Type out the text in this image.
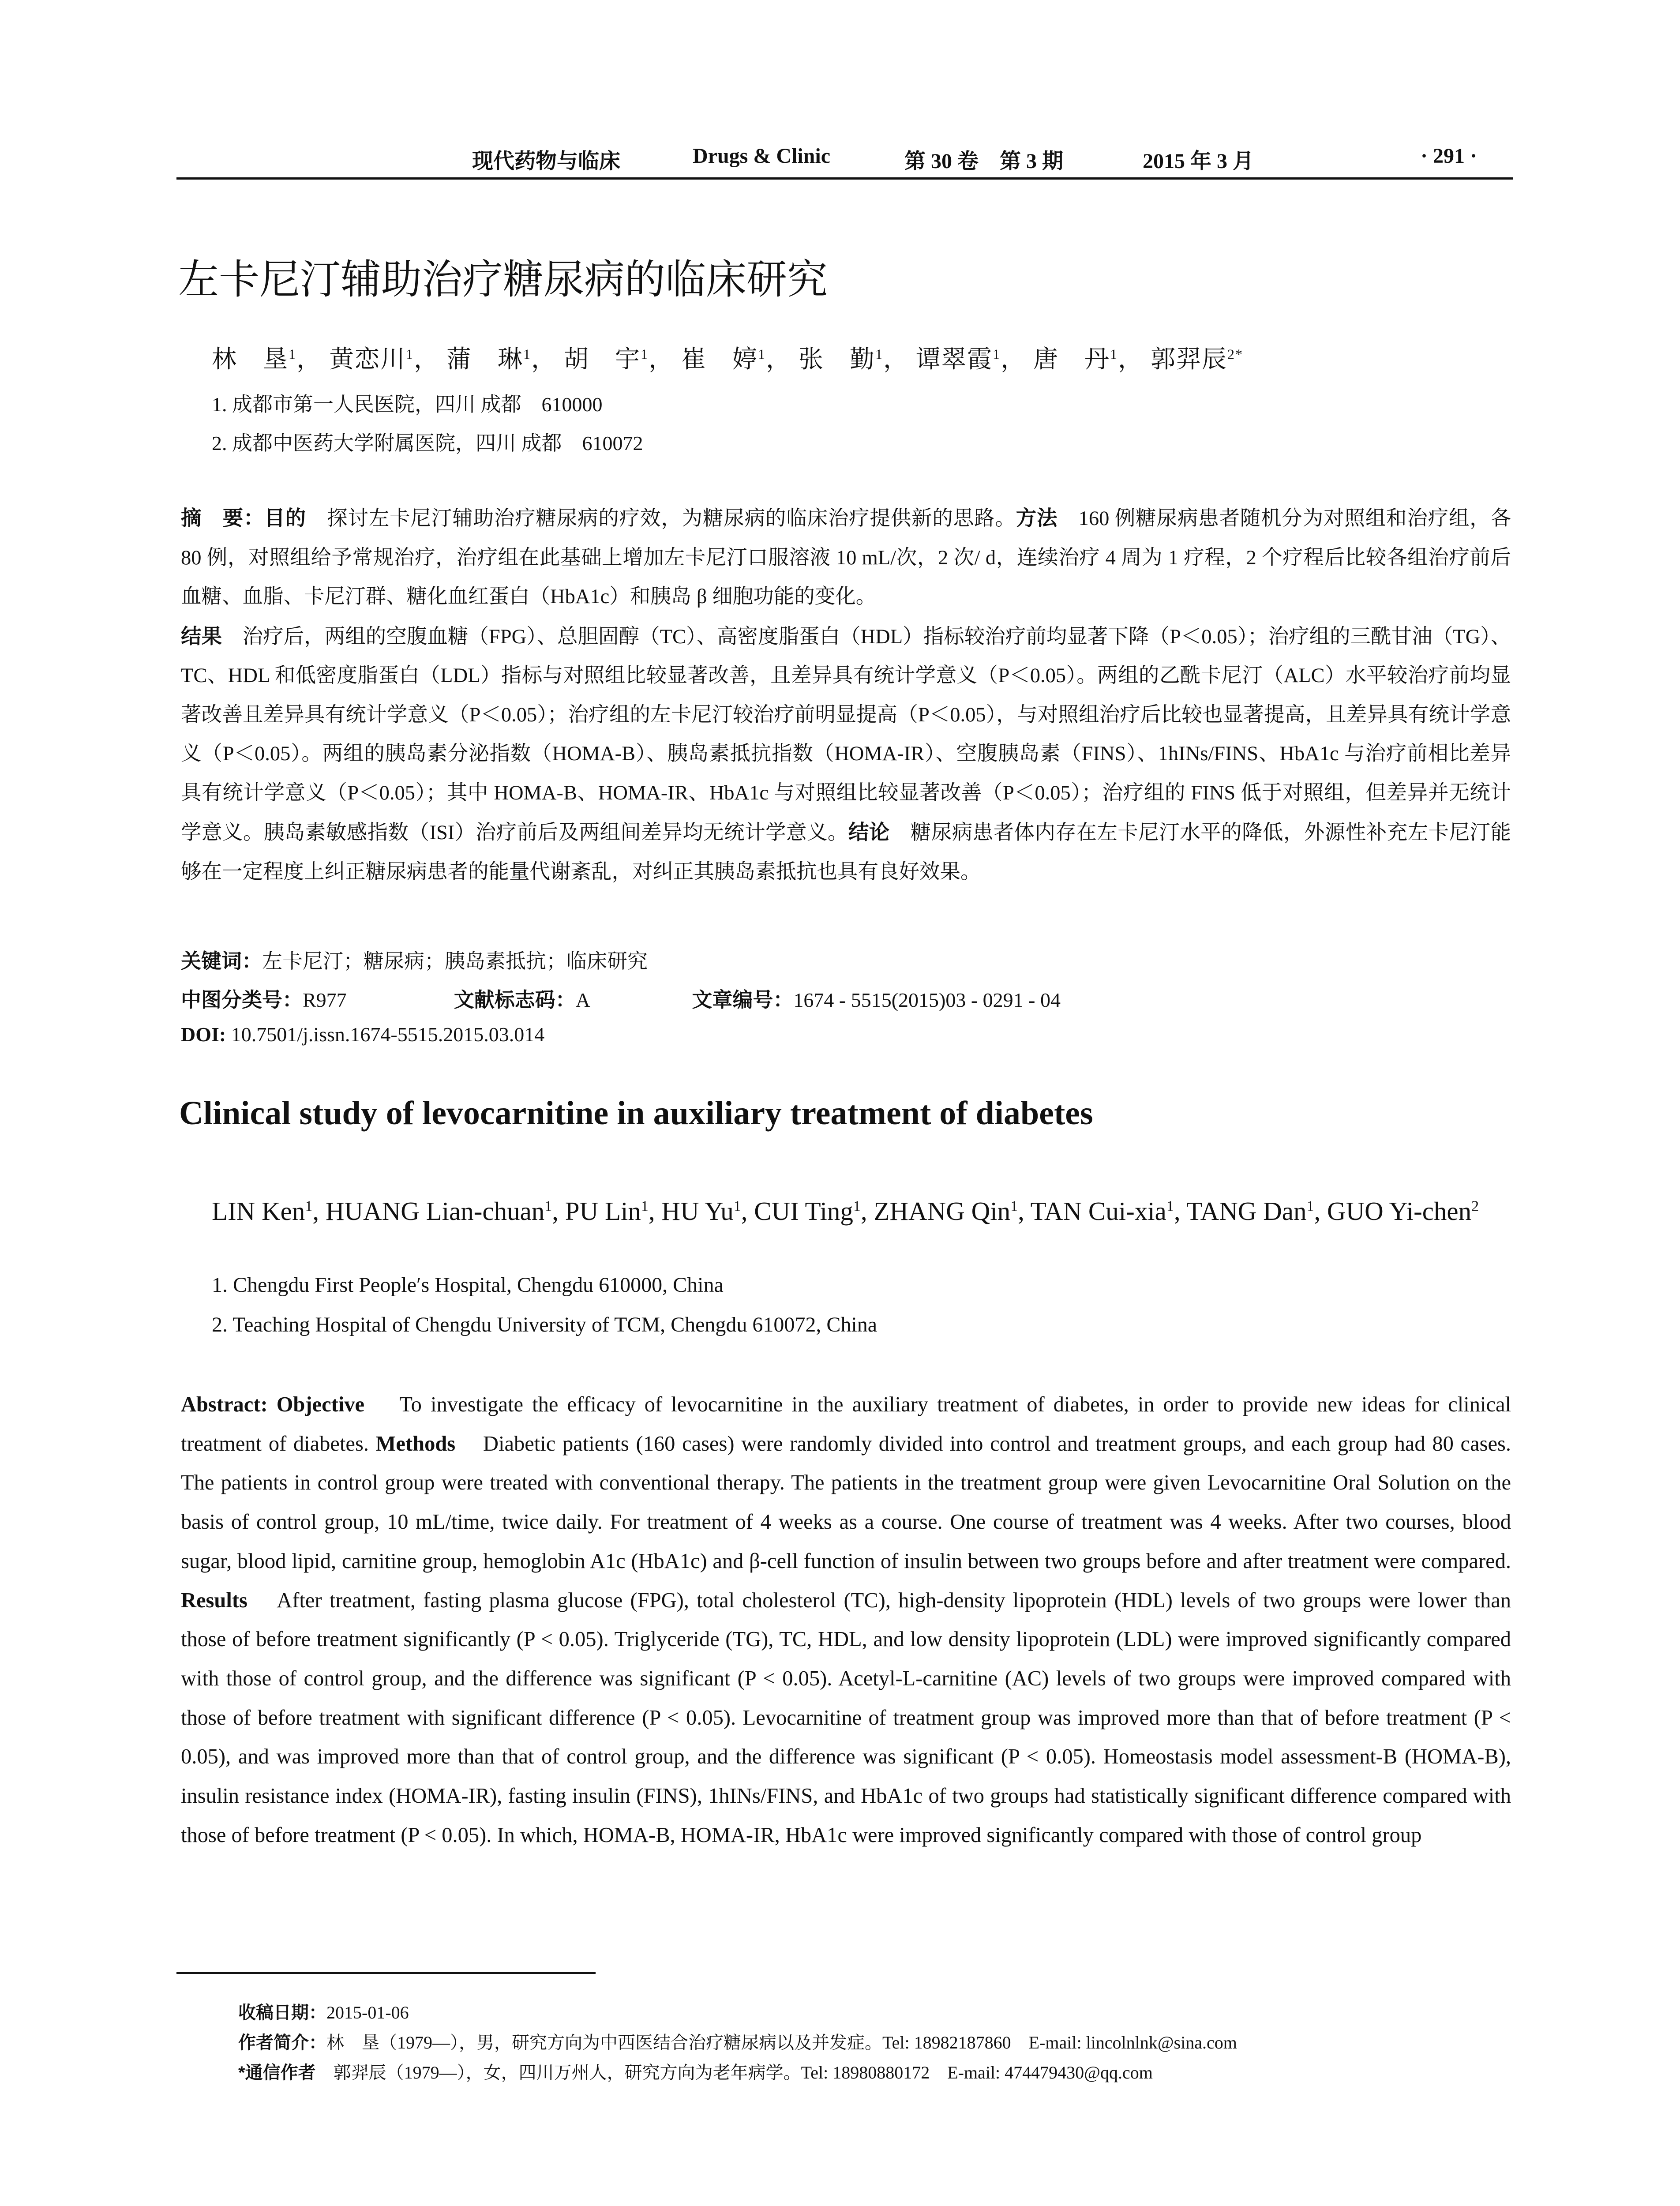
现代药物与临床	Drugs & Clinic	第 30 卷　第 3 期	2015 年 3 月	· 291 ·
左卡尼汀辅助治疗糖尿病的临床研究
林　垦$^1$， 黄恋川$^1$， 蒲　琳$^1$， 胡　宇$^1$， 崔　婷$^1$， 张　勤$^1$， 谭翠霞$^1$， 唐　丹$^1$， 郭羿辰$^{2*}$
1. 成都市第一人民医院，四川 成都　610000
2. 成都中医药大学附属医院，四川 成都　610072
摘　要：目的　 探讨左卡尼汀辅助治疗糖尿病的疗效，为糖尿病的临床治疗提供新的思路。方法　 160 例糖尿病患者随机分为对照组和治疗组，各 80 例，对照组给予常规治疗，治疗组在此基础上增加左卡尼汀口服溶液 10 mL/次，2 次/ d，连续治疗 4 周为 1 疗程，2 个疗程后比较各组治疗前后血糖、血脂、卡尼汀群、糖化血红蛋白（HbA1c）和胰岛 β 细胞功能的变化。
结果　 治疗后，两组的空腹血糖（FPG）、总胆固醇（TC）、高密度脂蛋白（HDL）指标较治疗前均显著下降（P＜0.05）；治疗组的三酰甘油（TG）、TC、HDL 和低密度脂蛋白（LDL）指标与对照组比较显著改善，且差异具有统计学意义（P＜0.05）。两组的乙酰卡尼汀（ALC）水平较治疗前均显著改善且差异具有统计学意义（P＜0.05）；治疗组的左卡尼汀较治疗前明显提高（P＜0.05），与对照组治疗后比较也显著提高，且差异具有统计学意义（P＜0.05）。两组的胰岛素分泌指数（HOMA-B）、胰岛素抵抗指数（HOMA-IR）、空腹胰岛素（FINS）、1hINs/FINS、HbA1c 与治疗前相比差异具有统计学意义（P＜0.05）；其中 HOMA-B、HOMA-IR、HbA1c 与对照组比较显著改善（P＜0.05）；治疗组的 FINS 低于对照组，但差异并无统计学意义。胰岛素敏感指数（ISI）治疗前后及两组间差异均无统计学意义。结论　 糖尿病患者体内存在左卡尼汀水平的降低，外源性补充左卡尼汀能够在一定程度上纠正糖尿病患者的能量代谢紊乱，对纠正其胰岛素抵抗也具有良好效果。
关键词：左卡尼汀；糖尿病；胰岛素抵抗；临床研究
中图分类号：R977	文献标志码：A	文章编号：1674 - 5515(2015)03 - 0291 - 04
DOI: 10.7501/j.issn.1674-5515.2015.03.014
Clinical study of levocarnitine in auxiliary treatment of diabetes
LIN Ken$^1$, HUANG Lian-chuan$^1$, PU Lin$^1$, HU Yu$^1$, CUI Ting$^1$, ZHANG Qin$^1$, TAN Cui-xia$^1$, TANG Dan$^1$, GUO Yi-chen$^2$
1. Chengdu First People′s Hospital, Chengdu 610000, China
2. Teaching Hospital of Chengdu University of TCM, Chengdu 610072, China
Abstract: Objective To investigate the efficacy of levocarnitine in the auxiliary treatment of diabetes, in order to provide new ideas for clinical treatment of diabetes. Methods Diabetic patients (160 cases) were randomly divided into control and treatment groups, and each group had 80 cases. The patients in control group were treated with conventional therapy. The patients in the treatment group were given Levocarnitine Oral Solution on the basis of control group, 10 mL/time, twice daily. For treatment of 4 weeks as a course. One course of treatment was 4 weeks. After two courses, blood sugar, blood lipid, carnitine group, hemoglobin A1c (HbA1c) and β-cell function of insulin between two groups before and after treatment were compared. Results After treatment, fasting plasma glucose (FPG), total cholesterol (TC), high-density lipoprotein (HDL) levels of two groups were lower than those of before treatment significantly (P < 0.05). Triglyceride (TG), TC, HDL, and low density lipoprotein (LDL) were improved significantly compared with those of control group, and the difference was significant (P < 0.05). Acetyl-L-carnitine (AC) levels of two groups were improved compared with those of before treatment with significant difference (P < 0.05). Levocarnitine of treatment group was improved more than that of before treatment (P < 0.05), and was improved more than that of control group, and the difference was significant (P < 0.05). Homeostasis model assessment-B (HOMA-B), insulin resistance index (HOMA-IR), fasting insulin (FINS), 1hINs/FINS, and HbA1c of two groups had statistically significant difference compared with those of before treatment (P < 0.05). In which, HOMA-B, HOMA-IR, HbA1c were improved significantly compared with those of control group
收稿日期：2015-01-06
作者简介：林　垦（1979—），男，研究方向为中西医结合治疗糖尿病以及并发症。Tel: 18982187860　E-mail: lincolnlnk@sina.com
*通信作者　 郭羿辰（1979—），女，四川万州人，研究方向为老年病学。Tel: 18980880172　E-mail: 474479430@qq.com
